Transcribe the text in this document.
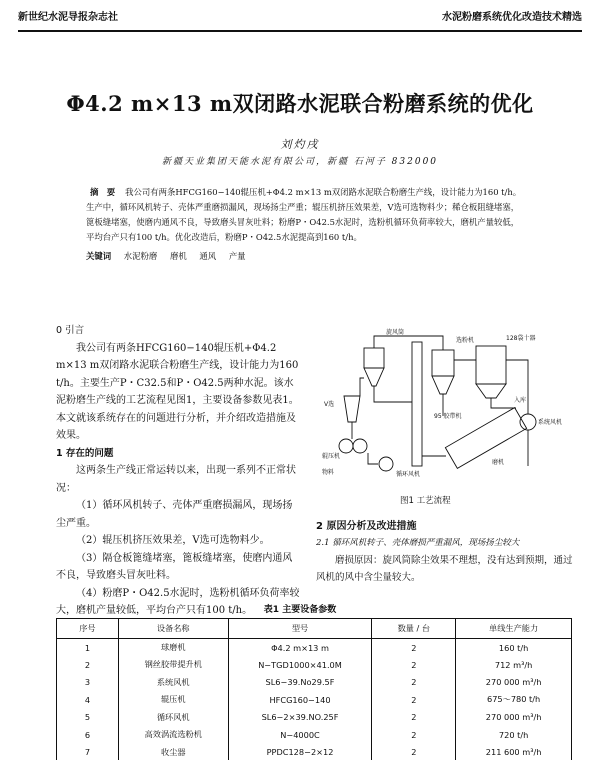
新世纪水泥导报杂志社	水泥粉磨系统优化改造技术精选
Φ4.2 m×13 m双闭路水泥联合粉磨系统的优化
刘灼戌
新疆天业集团天能水泥有限公司，新疆 石河子 832000
摘　要 我公司有两条HFCG160−140辊压机+Φ4.2 m×13 m双闭路水泥联合粉磨生产线，设计能力为160 t/h。生产中，循环风机转子、壳体严重磨损漏风，现场扬尘严重；辊压机挤压效果差，V选可选物料少；稀仓板阻缝堵塞，篦板缝堵塞，使磨内通风不良，导致磨头冒灰吐料；粉磨P・O42.5水泥时，选粉机循环负荷率较大，磨机产量较低，平均台产只有100 t/h。优化改造后，粉磨P・O42.5水泥提高到160 t/h。
关键词 水泥粉磨 磨机 通风 产量
0 引言

我公司有两条HFCG160−140辊压机+Φ4.2 m×13 m双闭路水泥联合粉磨生产线，设计能力为160 t/h。主要生产P・C32.5和P・O42.5两种水泥。该水泥粉磨生产线的工艺流程见图1，主要设备参数见表1。本文就该系统存在的问题进行分析，并介绍改造措施及效果。

1 存在的问题

这两条生产线正常运转以来，出现一系列不正常状况：

（1）循环风机转子、壳体严重磨损漏风，现场扬尘严重。

（2）辊压机挤压效果差，V选可选物料少。

（3）隔仓板篦缝堵塞，篦板缝堵塞，使磨内通风不良，导致磨头冒灰吐料。

（4）粉磨P・O42.5水泥时，选粉机循环负荷率较大，磨机产量较低，平均台产只有100 t/h。

旋风筒
选粉机	128袋十器
入库
系统风机
95 胶带机
磨机
物料
V选
辊压机
循环风机
图1 工艺流程
2 原因分析及改进措施
2.1 循环风机转子、壳体磨损严重漏风，现场扬尘较大

磨损原因：旋风筒除尘效果不理想，没有达到预期，通过风机的风中含尘量较大。

表1 主要设备参数
序号	设备名称	型号	数量 / 台	单线生产能力
1	球磨机	Φ4.2 m×13 m	2	160 t/h
2	钢丝胶带提升机	N−TGD1000×41.0M	2	712 m³/h
3	系统风机	SL6−39.No29.5F	2	270 000 m³/h
4	辊压机	HFCG160−140	2	675～780 t/h
5	循环风机	SL6−2×39.NO.25F	2	270 000 m³/h
6	高效涡流选粉机	N−4000C	2	720 t/h
7	收尘器	PPDC128−2×12	2	211 600 m³/h
